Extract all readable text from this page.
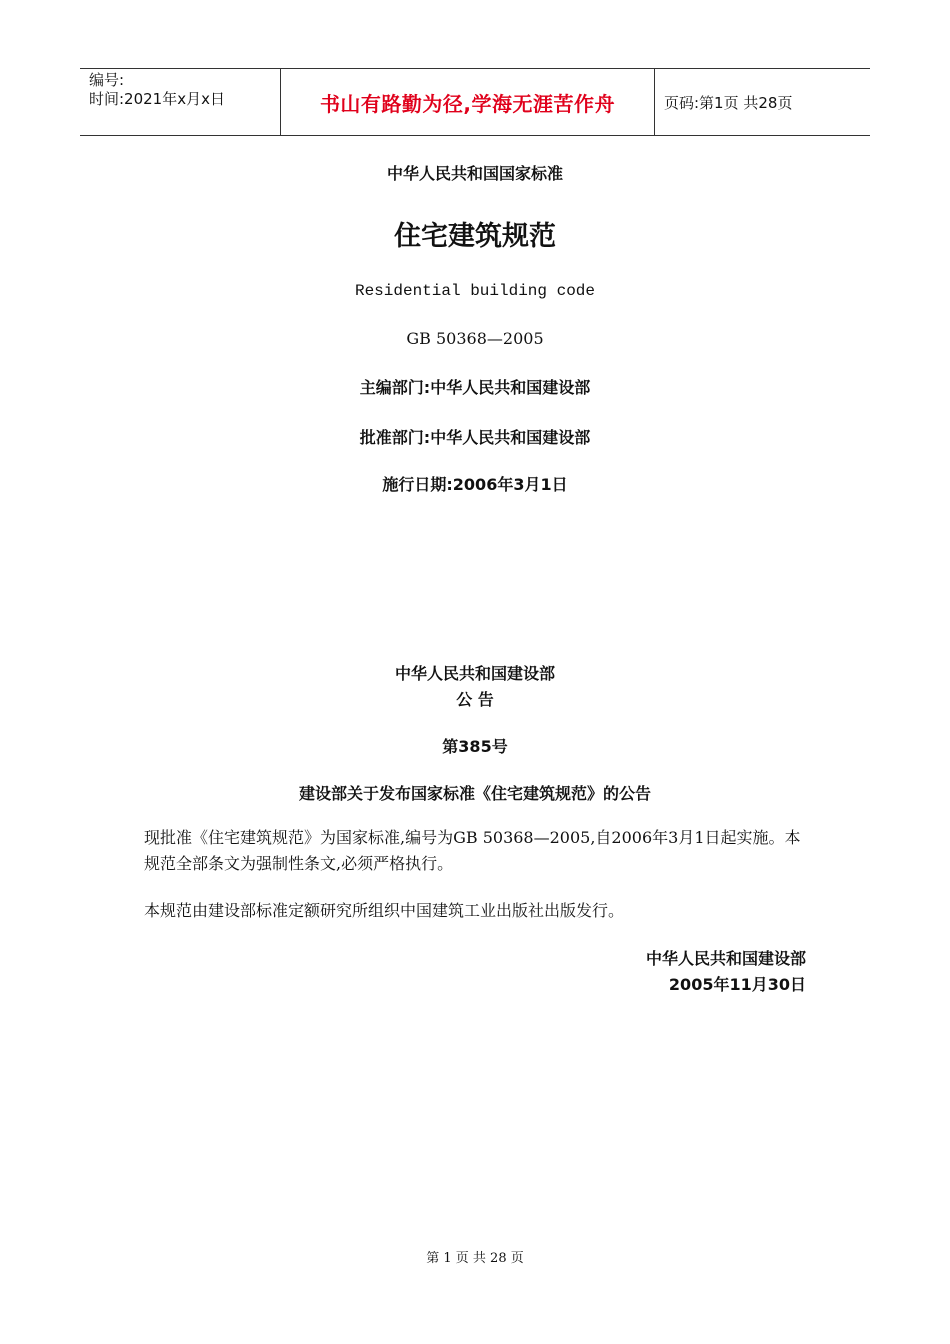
编号:
时间:2021年x月x日	书山有路勤为径,学海无涯苦作舟	页码:第1页 共28页
中华人民共和国国家标准
住宅建筑规范
Residential building code
GB 50368—2005
主编部门:中华人民共和国建设部
批准部门:中华人民共和国建设部
施行日期:2006年3月1日
中华人民共和国建设部
公 告
第385号
建设部关于发布国家标准《住宅建筑规范》的公告
现批准《住宅建筑规范》为国家标准,编号为GB 50368—2005,自2006年3月1日起实施。本规范全部条文为强制性条文,必须严格执行。
本规范由建设部标准定额研究所组织中国建筑工业出版社出版发行。
中华人民共和国建设部
2005年11月30日
第 1 页 共 28 页
